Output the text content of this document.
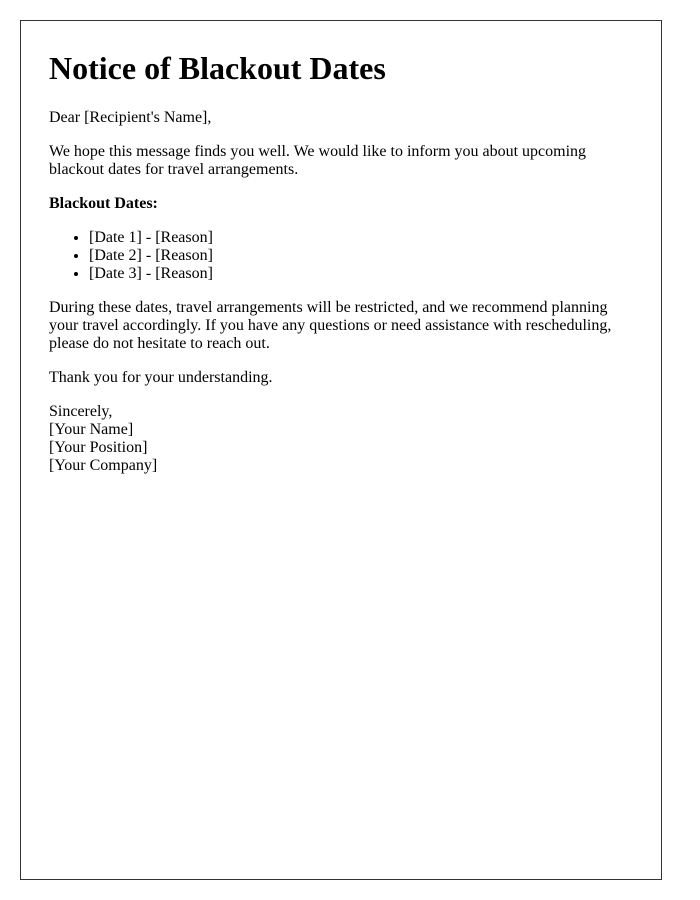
Notice of Blackout Dates

Dear [Recipient's Name],

We hope this message finds you well. We would like to inform you about upcoming blackout dates for travel arrangements.

Blackout Dates:

• [Date 1] - [Reason]
• [Date 2] - [Reason]
• [Date 3] - [Reason]

During these dates, travel arrangements will be restricted, and we recommend planning your travel accordingly. If you have any questions or need assistance with rescheduling, please do not hesitate to reach out.

Thank you for your understanding.

Sincerely,
[Your Name]
[Your Position]
[Your Company]
